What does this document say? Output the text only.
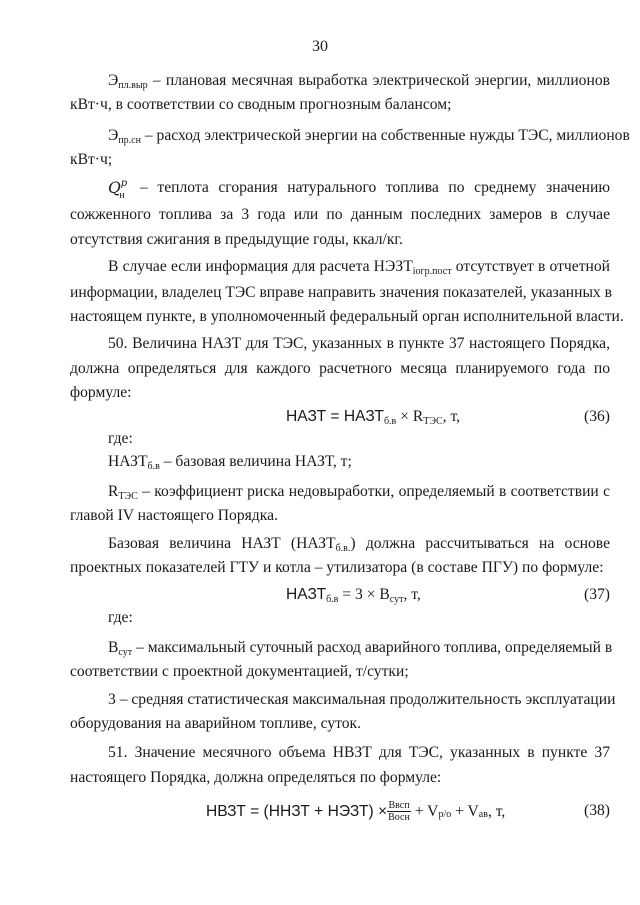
30
Эпл.выр – плановая месячная выработка электрической энергии, миллионов
кВт·ч, в соответствии со сводным прогнозным балансом;
Эпр.сн – расход электрической энергии на собственные нужды ТЭС, миллионов
кВт·ч;
$Q^р_н$ – теплота сгорания натурального топлива по среднему значению
сожженного топлива за 3 года или по данным последних замеров в случае
отсутствия сжигания в предыдущие годы, ккал/кг.
В случае если информация для расчета НЭЗТiогр.пост отсутствует в отчетной
информации, владелец ТЭС вправе направить значения показателей, указанных в
настоящем пункте, в уполномоченный федеральный орган исполнительной власти.
50. Величина НАЗТ для ТЭС, указанных в пункте 37 настоящего Порядка,
должна определяться для каждого расчетного месяца планируемого года по
формуле:
НАЗТ = НАЗТб.в × RТЭС, т,	(36)
где:
НАЗТб.в – базовая величина НАЗТ, т;
RТЭС – коэффициент риска недовыработки, определяемый в соответствии с
главой IV настоящего Порядка.
Базовая величина НАЗТ (НАЗТб.в.) должна рассчитываться на основе
проектных показателей ГТУ и котла – утилизатора (в составе ПГУ) по формуле:
НАЗТб.в = 3 × Bсут, т,	(37)
где:
Bсут – максимальный суточный расход аварийного топлива, определяемый в
соответствии с проектной документацией, т/сутки;
3 – средняя статистическая максимальная продолжительность эксплуатации
оборудования на аварийном топливе, суток.
51. Значение месячного объема НВЗТ для ТЭС, указанных в пункте 37
настоящего Порядка, должна определяться по формуле:
НВЗТ = (ННЗТ + НЭЗТ) × $\frac{\text{Bвсп}}{\text{Bосн}} + V$ р/о + V ав , т,	(38)
